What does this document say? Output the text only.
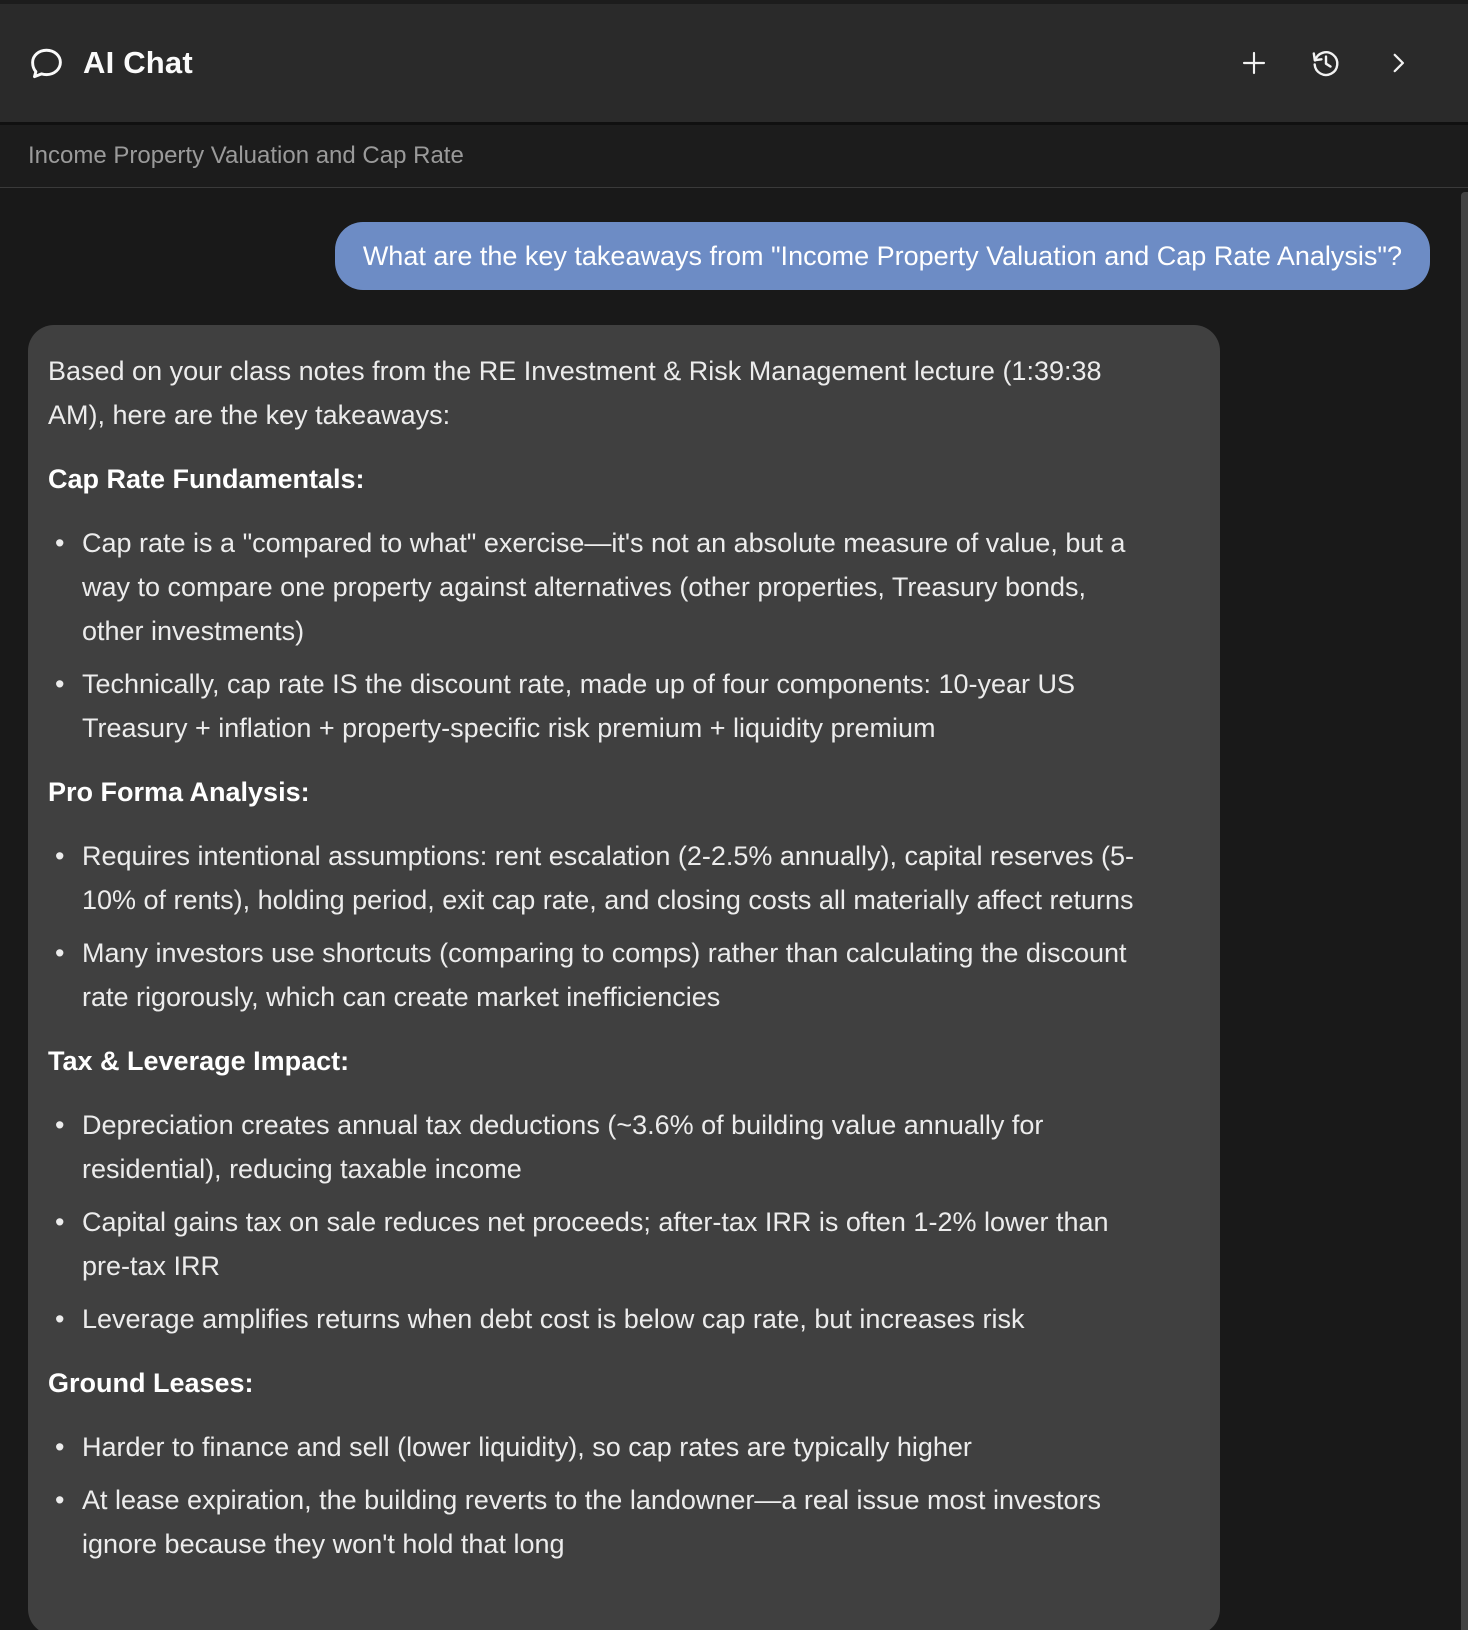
AI Chat
Income Property Valuation and Cap Rate
What are the key takeaways from "Income Property Valuation and Cap Rate Analysis"?

Based on your class notes from the RE Investment & Risk Management lecture (1:39:38 AM), here are the key takeaways:

Cap Rate Fundamentals:
• Cap rate is a "compared to what" exercise—it's not an absolute measure of value, but a way to compare one property against alternatives (other properties, Treasury bonds, other investments)
• Technically, cap rate IS the discount rate, made up of four components: 10-year US Treasury + inflation + property-specific risk premium + liquidity premium
Pro Forma Analysis:
• Requires intentional assumptions: rent escalation (2-2.5% annually), capital reserves (5-10% of rents), holding period, exit cap rate, and closing costs all materially affect returns
• Many investors use shortcuts (comparing to comps) rather than calculating the discount rate rigorously, which can create market inefficiencies
Tax & Leverage Impact:
• Depreciation creates annual tax deductions (~3.6% of building value annually for residential), reducing taxable income
• Capital gains tax on sale reduces net proceeds; after-tax IRR is often 1-2% lower than pre-tax IRR
• Leverage amplifies returns when debt cost is below cap rate, but increases risk
Ground Leases:
• Harder to finance and sell (lower liquidity), so cap rates are typically higher
• At lease expiration, the building reverts to the landowner—a real issue most investors ignore because they won't hold that long
